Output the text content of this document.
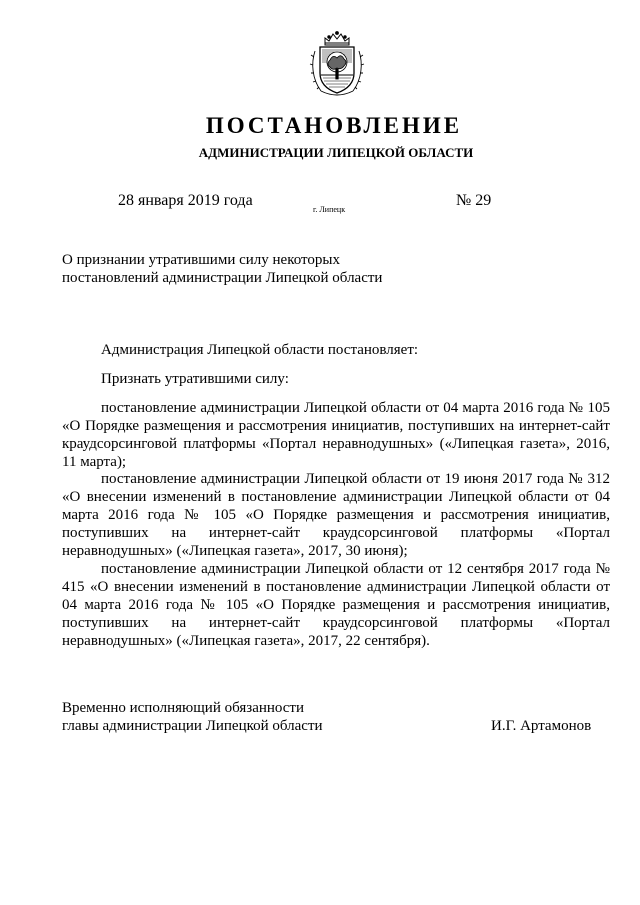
ПОСТАНОВЛЕНИЕ
АДМИНИСТРАЦИИ ЛИПЕЦКОЙ ОБЛАСТИ
28 января 2019 года
г. Липецк
№ 29
О признании утратившими силу некоторых
постановлений администрации Липецкой области
Администрация Липецкой области постановляет:
Признать утратившими силу:
постановление администрации Липецкой области от 04 марта 2016 года № 105 «О Порядке размещения и рассмотрения инициатив, поступивших на интернет-сайт краудсорсинговой платформы «Портал неравнодушных» («Липецкая газета», 2016, 11 марта);
постановление администрации Липецкой области от 19 июня 2017 года № 312 «О внесении изменений в постановление администрации Липецкой области от 04 марта 2016 года № 105 «О Порядке размещения и рассмотрения инициатив, поступивших на интернет-сайт краудсорсинговой платформы «Портал неравнодушных» («Липецкая газета», 2017, 30 июня);
постановление администрации Липецкой области от 12 сентября 2017 года № 415 «О внесении изменений в постановление администрации Липецкой области от 04 марта 2016 года № 105 «О Порядке размещения и рассмотрения инициатив, поступивших на интернет-сайт краудсорсинговой платформы «Портал неравнодушных» («Липецкая газета», 2017, 22 сентября).
Временно исполняющий обязанности
главы администрации Липецкой области	И.Г. Артамонов
